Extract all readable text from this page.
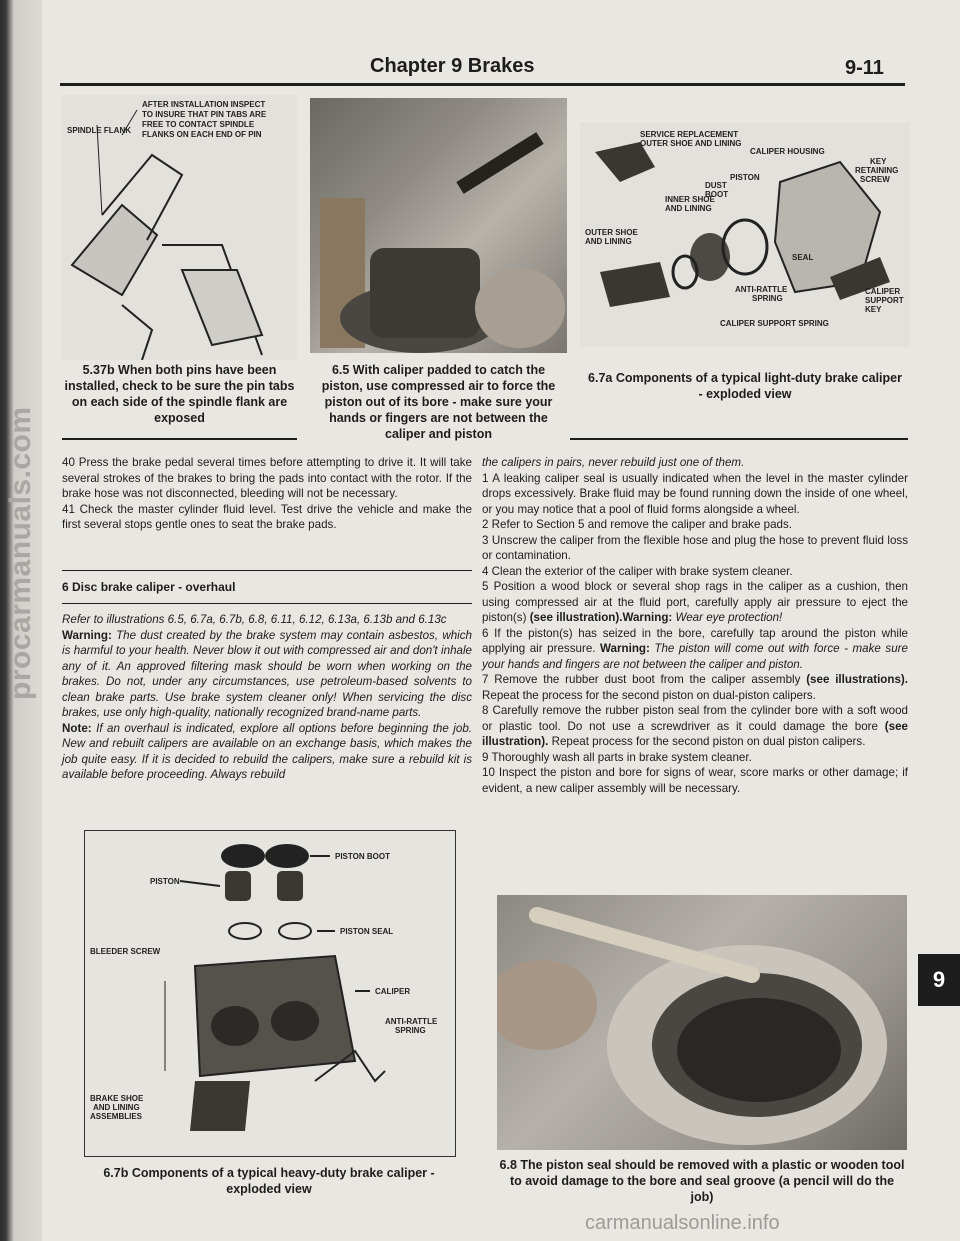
procarmanuals.com
Chapter 9 Brakes	9-11
SPINDLE FLANK
AFTER INSTALLATION INSPECT
TO INSURE THAT PIN TABS ARE
FREE TO CONTACT SPINDLE
FLANKS ON EACH END OF PIN
5.37b When both pins have been installed, check to be sure the pin tabs on each side of the spindle flank are exposed
6.5 With caliper padded to catch the piston, use compressed air to force the piston out of its bore - make sure your hands or fingers are not between the caliper and piston
SERVICE REPLACEMENT
OUTER SHOE AND LINING
CALIPER HOUSING
KEY
RETAINING
SCREW
PISTON
DUST
BOOT
INNER SHOE
AND LINING
OUTER SHOE
AND LINING
SEAL
ANTI-RATTLE
SPRING
CALIPER
SUPPORT
KEY
CALIPER SUPPORT SPRING
6.7a Components of a typical light-duty brake caliper - exploded view

40 Press the brake pedal several times before attempting to drive it. It will take several strokes of the brakes to bring the pads into contact with the rotor. If the brake hose was not disconnected, bleeding will not be necessary.

41 Check the master cylinder fluid level. Test drive the vehicle and make the first several stops gentle ones to seat the brake pads.

6 Disc brake caliper - overhaul

Refer to illustrations 6.5, 6.7a, 6.7b, 6.8, 6.11, 6.12, 6.13a, 6.13b and 6.13c

Warning: The dust created by the brake system may contain asbestos, which is harmful to your health. Never blow it out with compressed air and don't inhale any of it. An approved filtering mask should be worn when working on the brakes. Do not, under any circumstances, use petroleum-based solvents to clean brake parts. Use brake system cleaner only! When servicing the disc brakes, use only high-quality, nationally recognized brand-name parts.

Note: If an overhaul is indicated, explore all options before beginning the job. New and rebuilt calipers are available on an exchange basis, which makes the job quite easy. If it is decided to rebuild the calipers, make sure a rebuild kit is available before proceeding. Always rebuild

PISTON BOOT
PISTON
PISTON SEAL
BLEEDER SCREW
CALIPER
ANTI-RATTLE
SPRING
BRAKE SHOE
AND LINING
ASSEMBLIES
6.7b Components of a typical heavy-duty brake caliper - exploded view

the calipers in pairs, never rebuild just one of them.

1 A leaking caliper seal is usually indicated when the level in the master cylinder drops excessively. Brake fluid may be found running down the inside of one wheel, or you may notice that a pool of fluid forms alongside a wheel.

2 Refer to Section 5 and remove the caliper and brake pads.

3 Unscrew the caliper from the flexible hose and plug the hose to prevent fluid loss or contamination.

4 Clean the exterior of the caliper with brake system cleaner.

5 Position a wood block or several shop rags in the caliper as a cushion, then using compressed air at the fluid port, carefully apply air pressure to eject the piston(s) (see illustration).Warning: Wear eye protection!

6 If the piston(s) has seized in the bore, carefully tap around the piston while applying air pressure. Warning: The piston will come out with force - make sure your hands and fingers are not between the caliper and piston.

7 Remove the rubber dust boot from the caliper assembly (see illustrations). Repeat the process for the second piston on dual-piston calipers.

8 Carefully remove the rubber piston seal from the cylinder bore with a soft wood or plastic tool. Do not use a screwdriver as it could damage the bore (see illustration). Repeat process for the second piston on dual piston calipers.

9 Thoroughly wash all parts in brake system cleaner.

10 Inspect the piston and bore for signs of wear, score marks or other damage; if evident, a new caliper assembly will be necessary.

6.8 The piston seal should be removed with a plastic or wooden tool to avoid damage to the bore and seal groove (a pencil will do the job)
9
carmanualsonline.info
